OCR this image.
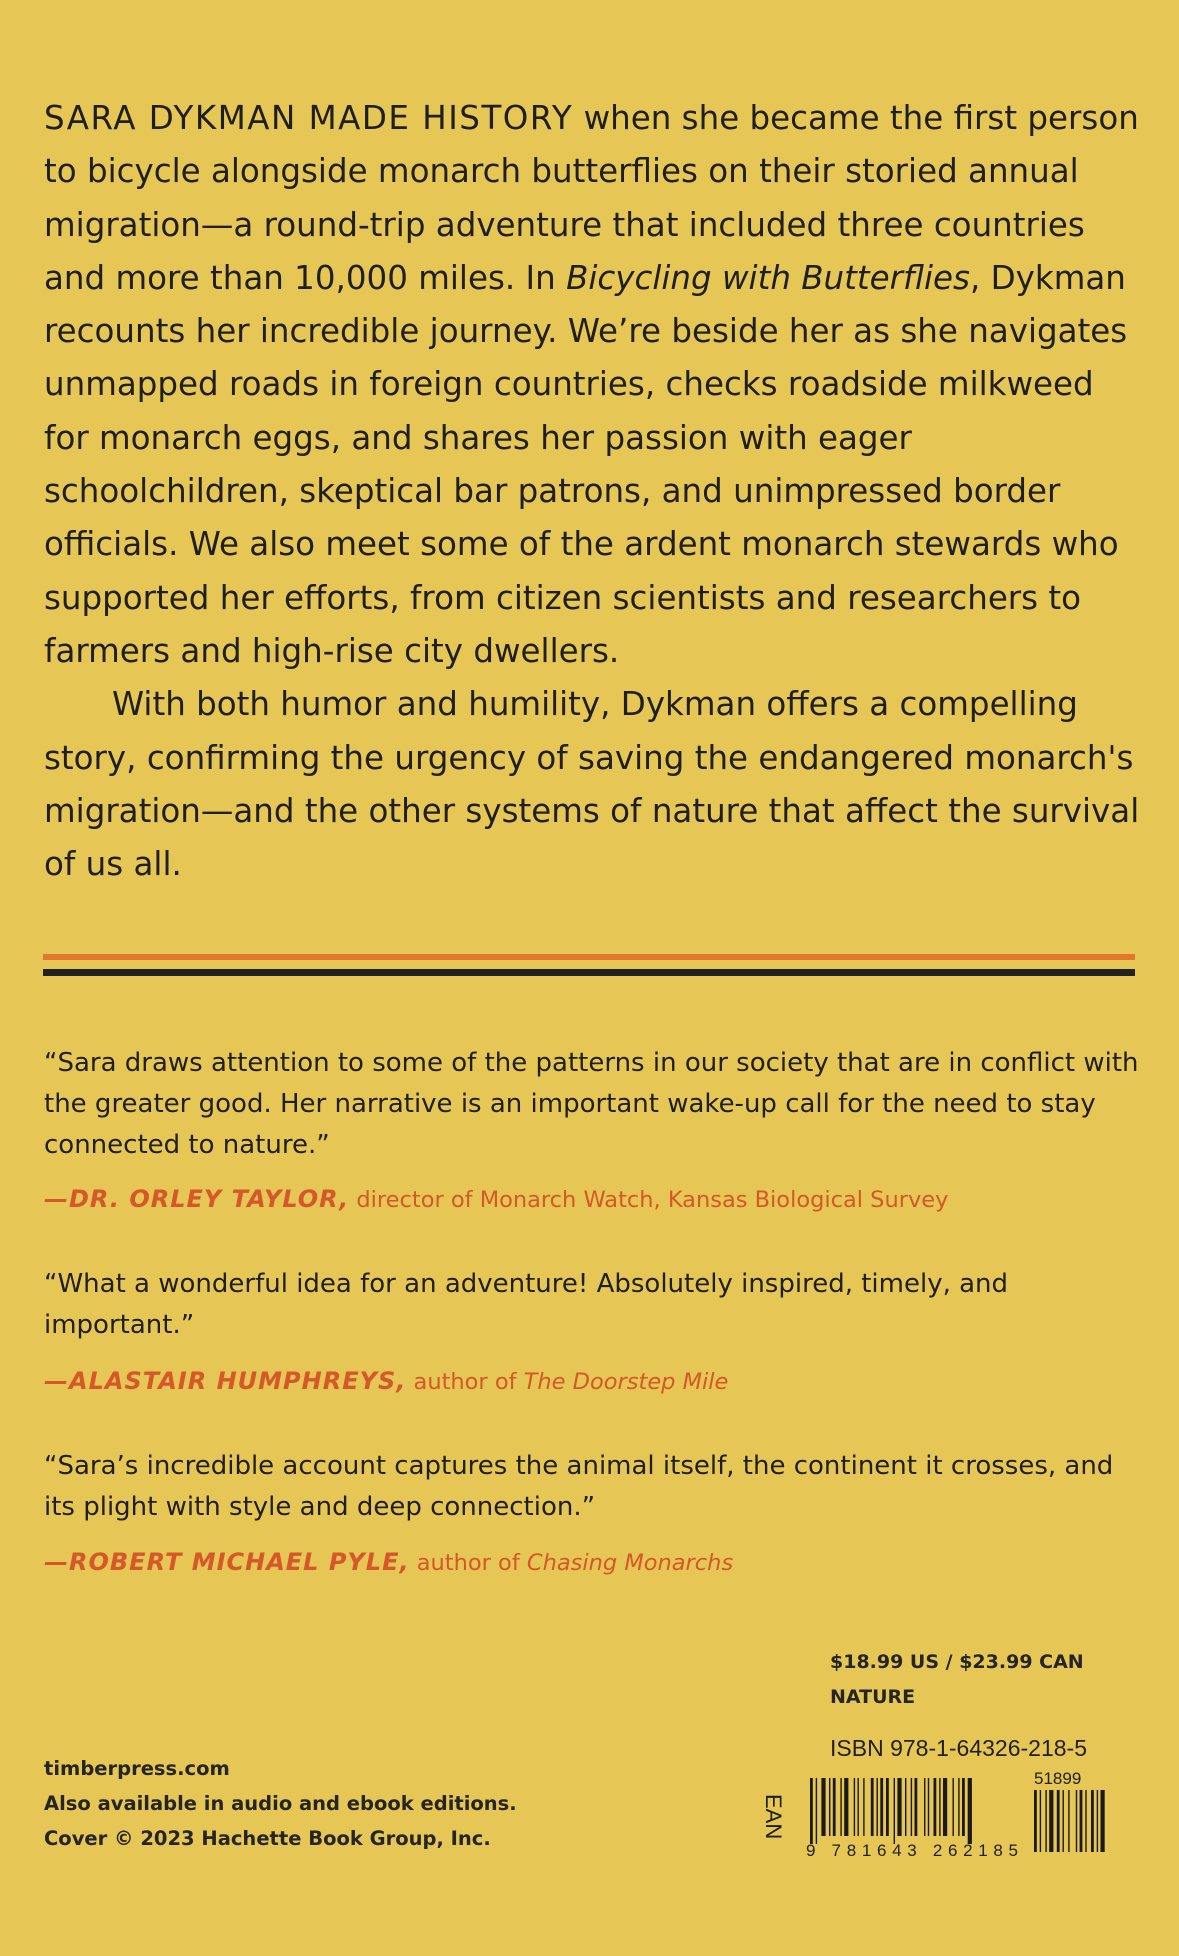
SARA DYKMAN MADE HISTORY when she became the first person to bicycle alongside monarch butterflies on their storied annual migration—a round-trip adventure that included three countries and more than 10,000 miles. In Bicycling with Butterflies, Dykman recounts her incredible journey. We’re beside her as she navigates unmapped roads in foreign countries, checks roadside milkweed for monarch eggs, and shares her passion with eager schoolchildren, skeptical bar patrons, and unimpressed border officials. We also meet some of the ardent monarch stewards who supported her efforts, from citizen scientists and researchers to farmers and high-rise city dwellers.

With both humor and humility, Dykman offers a compelling story, confirming the urgency of saving the endangered monarch's migration—and the other systems of nature that affect the survival of us all.

“Sara draws attention to some of the patterns in our society that are in conflict with the greater good. Her narrative is an important wake-up call for the need to stay connected to nature.”

—DR. ORLEY TAYLOR, director of Monarch Watch, Kansas Biological Survey

“What a wonderful idea for an adventure! Absolutely inspired, timely, and important.”

—ALASTAIR HUMPHREYS, author of The Doorstep Mile

“Sara’s incredible account captures the animal itself, the continent it crosses, and its plight with style and deep connection.”

—ROBERT MICHAEL PYLE, author of Chasing Monarchs
$18.99 US / $23.99 CAN
NATURE
timberpress.com
Also available in audio and ebook editions.
Cover © 2023 Hachette Book Group, Inc.
ISBN 978-1-64326-218-5
EAN
51899
9 781643 262185
